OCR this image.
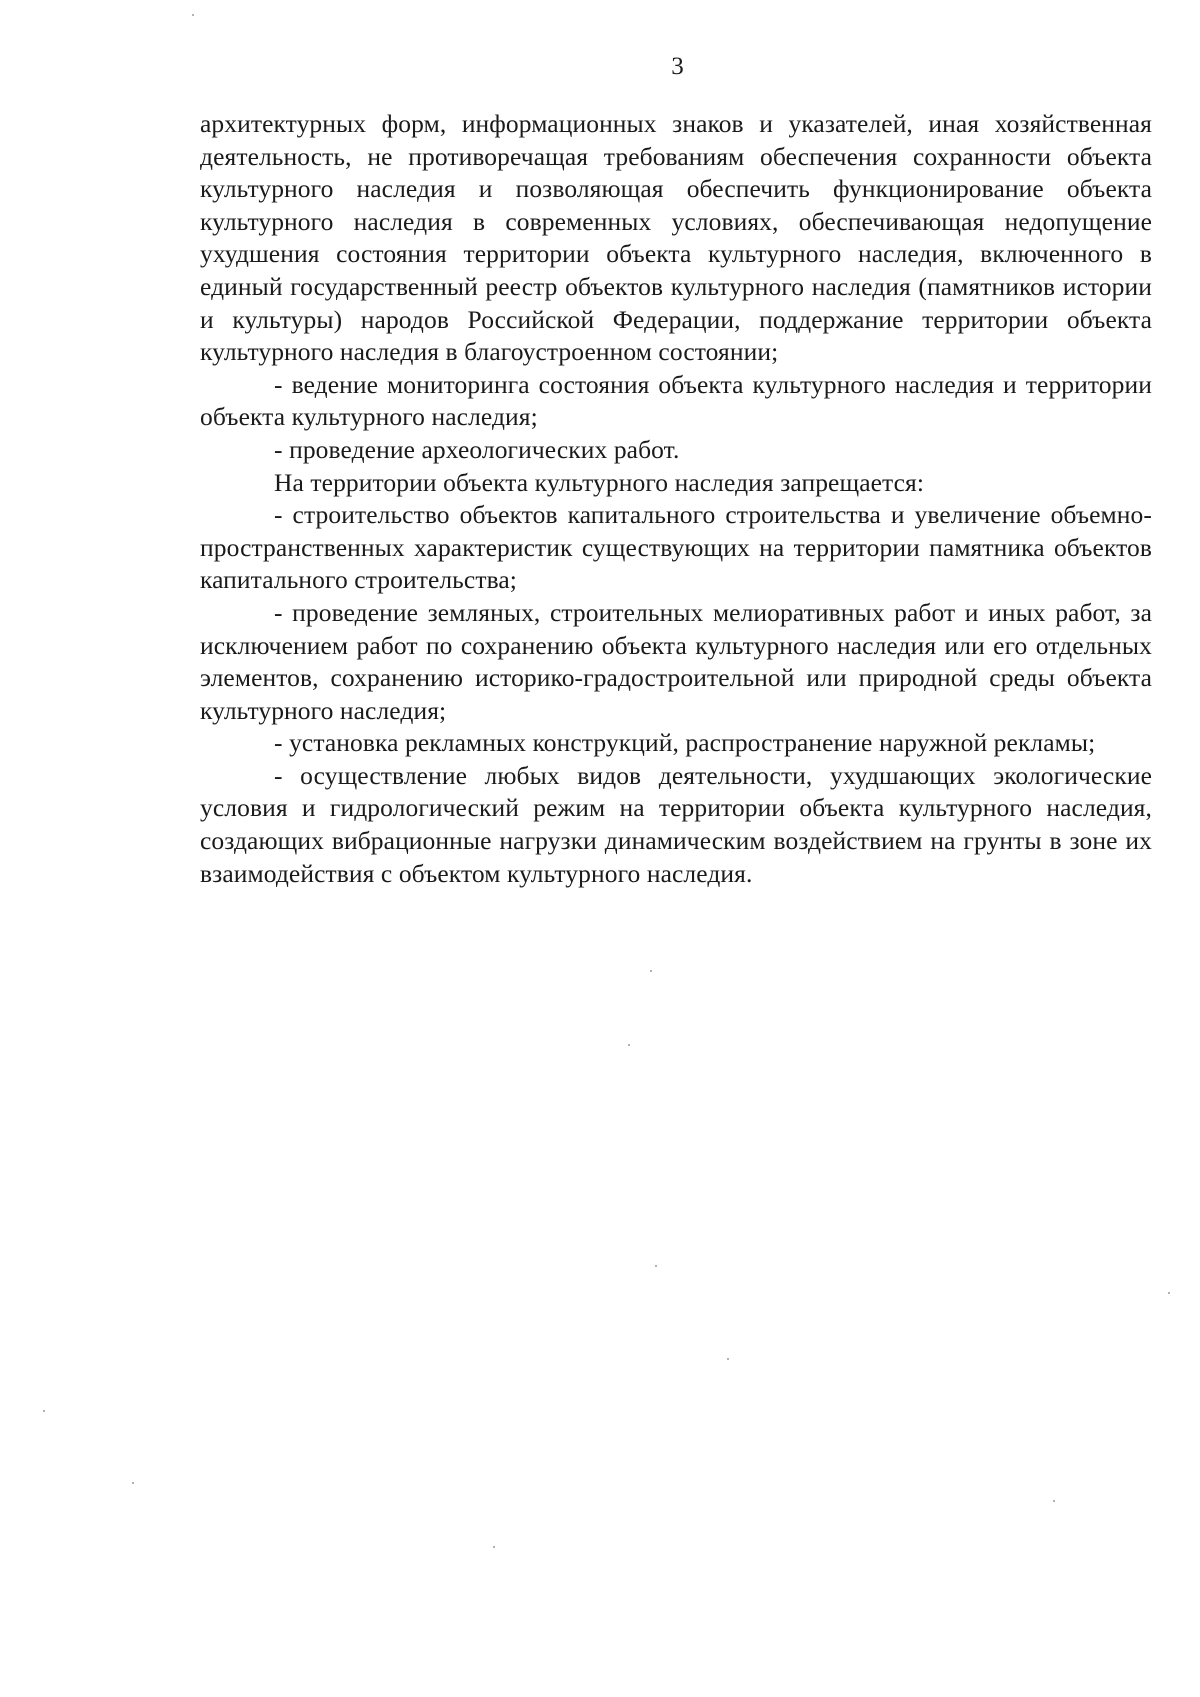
3

архитектурных форм, информационных знаков и указателей, иная хозяйственная деятельность, не противоречащая требованиям обеспечения сохранности объекта культурного наследия и позволяющая обеспечить функционирование объекта культурного наследия в современных условиях, обеспечивающая недопущение ухудшения состояния территории объекта культурного наследия, включенного в единый государственный реестр объектов культурного наследия (памятников истории и культуры) народов Российской Федерации, поддержание территории объекта культурного наследия в благоустроенном состоянии;

- ведение мониторинга состояния объекта культурного наследия и территории объекта культурного наследия;

- проведение археологических работ.

На территории объекта культурного наследия запрещается:

- строительство объектов капитального строительства и увеличение объемно-пространственных характеристик существующих на территории памятника объектов капитального строительства;

- проведение земляных, строительных мелиоративных работ и иных работ, за исключением работ по сохранению объекта культурного наследия или его отдельных элементов, сохранению историко-градостроительной или природной среды объекта культурного наследия;

- установка рекламных конструкций, распространение наружной рекламы;

- осуществление любых видов деятельности, ухудшающих экологические условия и гидрологический режим на территории объекта культурного наследия, создающих вибрационные нагрузки динамическим воздействием на грунты в зоне их взаимодействия с объектом культурного наследия.
